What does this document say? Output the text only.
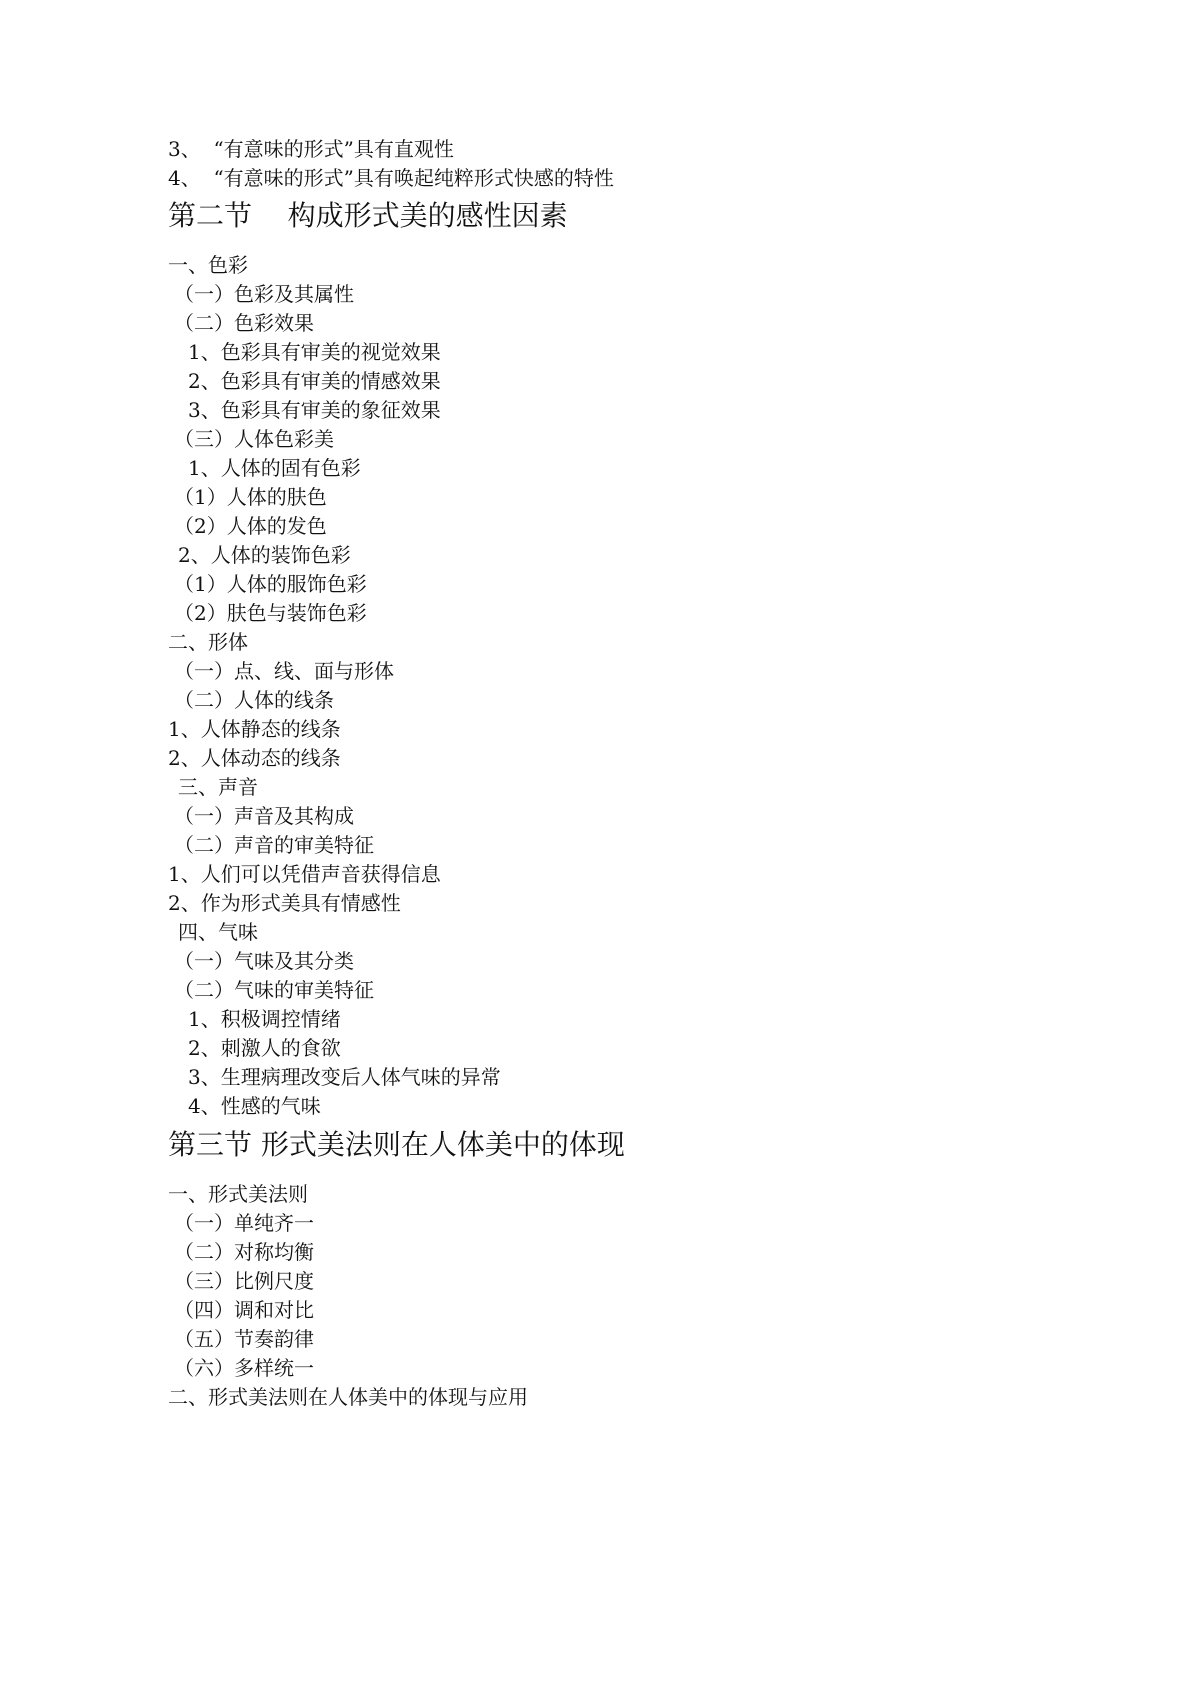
3、  “有意味的形式”具有直观性
4、  “有意味的形式”具有唤起纯粹形式快感的特性
第二节    构成形式美的感性因素
一、色彩
（一）色彩及其属性
（二）色彩效果
1、色彩具有审美的视觉效果
2、色彩具有审美的情感效果
3、色彩具有审美的象征效果
（三）人体色彩美
1、人体的固有色彩
（1）人体的肤色
（2）人体的发色
2、人体的装饰色彩
（1）人体的服饰色彩
（2）肤色与装饰色彩
二、形体
（一）点、线、面与形体
（二）人体的线条
1、人体静态的线条
2、人体动态的线条
三、声音
（一）声音及其构成
（二）声音的审美特征
1、人们可以凭借声音获得信息
2、作为形式美具有情感性
四、气味
（一）气味及其分类
（二）气味的审美特征
1、积极调控情绪
2、刺激人的食欲
3、生理病理改变后人体气味的异常
4、性感的气味
第三节 形式美法则在人体美中的体现
一、形式美法则
（一）单纯齐一
（二）对称均衡
（三）比例尺度
（四）调和对比
（五）节奏韵律
（六）多样统一
二、形式美法则在人体美中的体现与应用
